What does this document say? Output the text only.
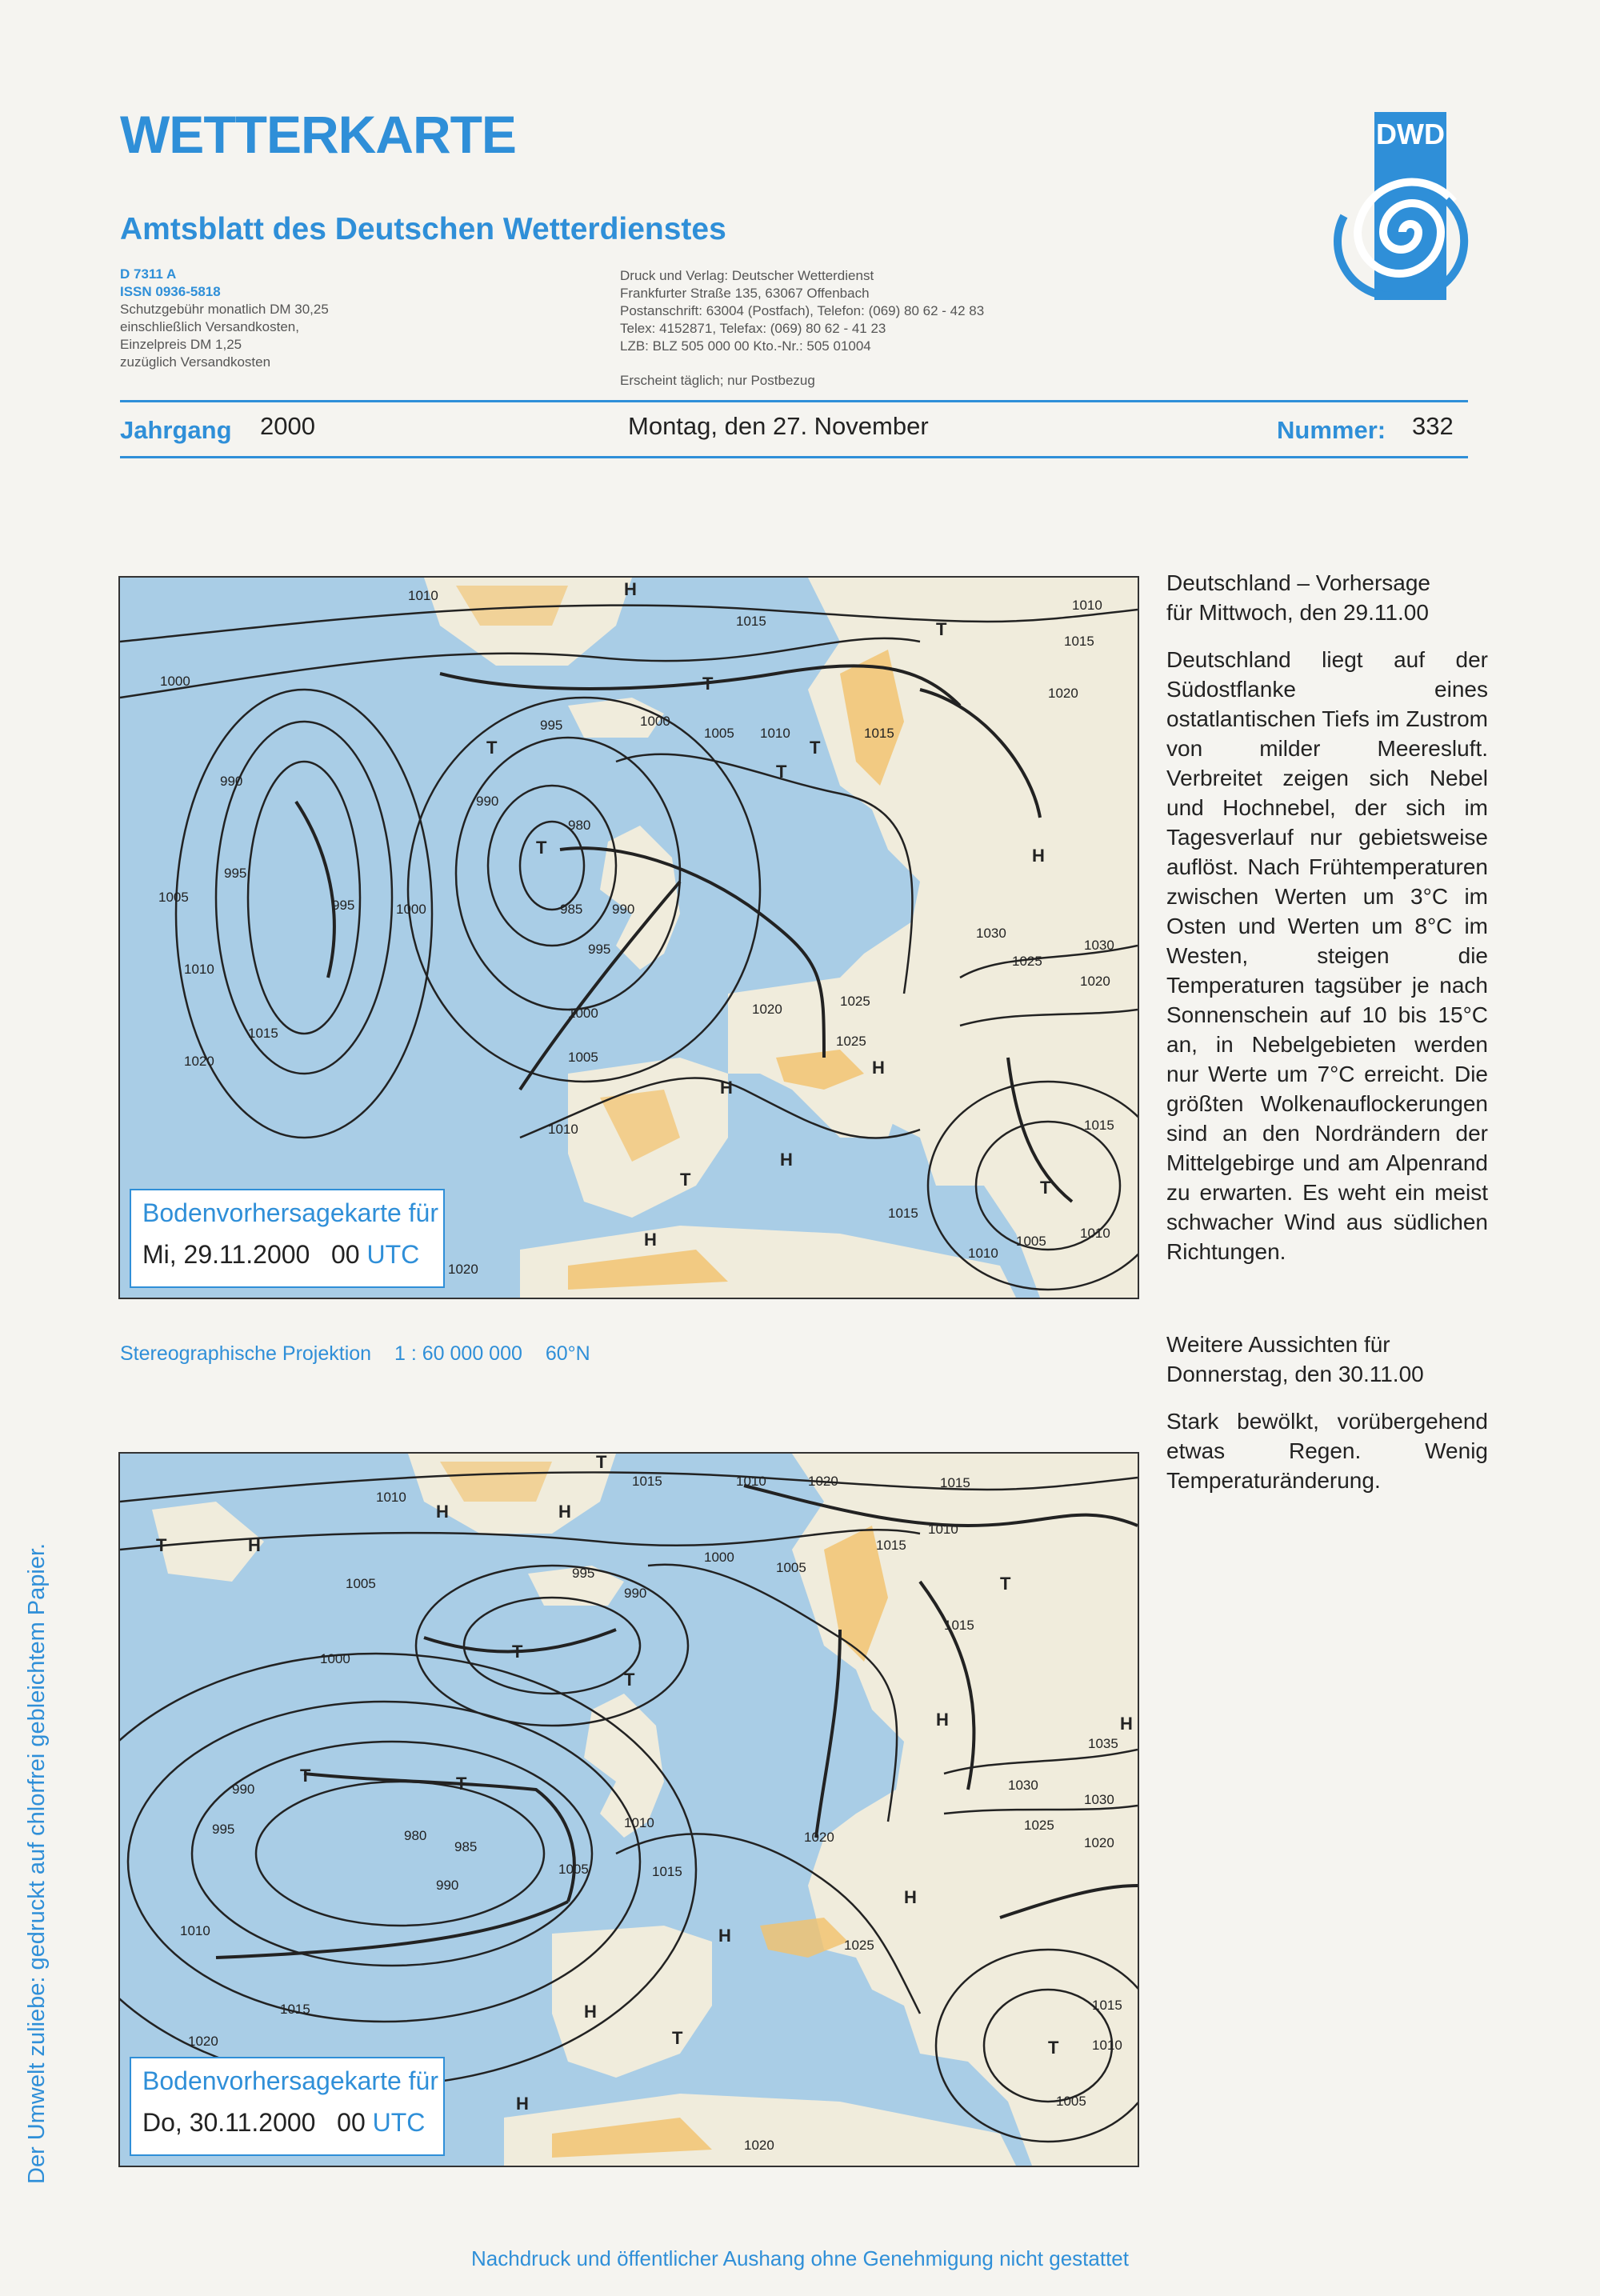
WETTERKARTE
Amtsblatt des Deutschen Wetterdienstes
DWD
D 7311 A
ISSN 0936-5818
Schutzgebühr monatlich DM 30,25
einschließlich Versandkosten,
Einzelpreis DM 1,25
zuzüglich Versandkosten
Druck und Verlag: Deutscher Wetterdienst
Frankfurter Straße 135, 63067 Offenbach
Postanschrift: 63004 (Postfach), Telefon: (069) 80 62 - 42 83
Telex: 4152871, Telefax: (069) 80 62 - 41 23
LZB: BLZ 505 000 00 Kto.-Nr.: 505 01004
Erscheint täglich; nur Postbezug
Jahrgang 2000	Montag, den 27. November	Nummer: 332
1010
1015
1010
1015
1020
1000
995	1000
1005 1010	1015
990
980
990
995
1005
995	1000	985 990
995
1000
1005
1010
1015
1010
1020
1020
1025
1025
1030
1030
1025
1020
1015
1010
1005
1010
1015
1020
H
T
T
T
T
T
T
H
H
T
H
H
H
T
Bodenvorhersagekarte für
Mi, 29.11.2000 00 UTC
Stereographische Projektion 1 : 60 000 000 60°N
1010
1015	1010	1020	1015
1005
1000
995
990
1000
1005
1015
1010
1015
990
995	980
985
990
1005
1010
1015
1020
1010
1015
1020
1025
1030
1030
1025
1020
1035
1015
1010
1005
1020
T	H
H	H
T
T
T
T	T
H
H
H
H
T
H
T
H
T
Bodenvorhersagekarte für
Do, 30.11.2000 00 UTC

Deutschland – Vorhersage
für Mittwoch, den 29.11.00

Deutschland liegt auf der Südostflanke eines ostatlantischen Tiefs im Zustrom von milder Meeresluft. Verbreitet zeigen sich Nebel und Hochnebel, der sich im Tagesverlauf nur gebietsweise auflöst. Nach Frühtemperaturen zwischen Werten um 3°C im Osten und Werten um 8°C im Westen, steigen die Temperaturen tagsüber je nach Sonnenschein auf 10 bis 15°C an, in Nebelgebieten werden nur Werte um 7°C erreicht. Die größten Wolkenauflockerungen sind an den Nordrändern der Mittelgebirge und am Alpenrand zu erwarten. Es weht ein meist schwacher Wind aus südlichen Richtungen.

Weitere Aussichten für
Donnerstag, den 30.11.00

Stark bewölkt, vorübergehend etwas Regen. Wenig Temperaturänderung.

Der Umwelt zuliebe: gedruckt auf chlorfrei gebleichtem Papier.
Nachdruck und öffentlicher Aushang ohne Genehmigung nicht gestattet
